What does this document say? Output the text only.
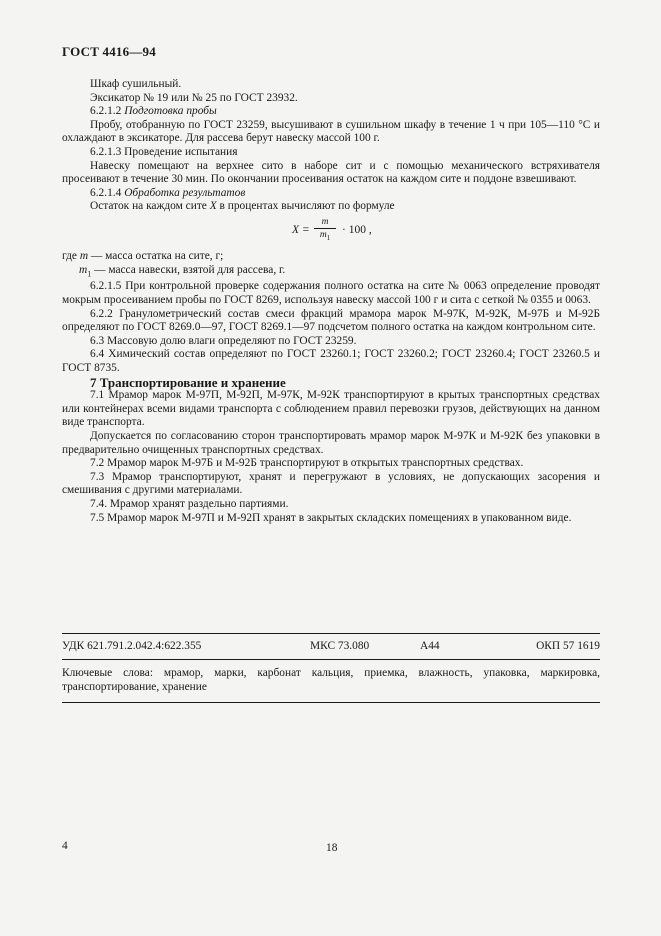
ГОСТ 4416—94

Шкаф сушильный.

Эксикатор № 19 или № 25 по ГОСТ 23932.

6.2.1.2 Подготовка пробы

Пробу, отобранную по ГОСТ 23259, высушивают в сушильном шкафу в течение 1 ч при 105—110 °С и охлаждают в эксикаторе. Для рассева берут навеску массой 100 г.

6.2.1.3 Проведение испытания

Навеску помещают на верхнее сито в наборе сит и с помощью механического встряхивателя просеивают в течение 30 мин. По окончании просеивания остаток на каждом сите и поддоне взвешивают.

6.2.1.4 Обработка результатов

Остаток на каждом сите X в процентах вычисляют по формуле

$X = \frac{m}{m_1} \cdot 100$ ,

где m — масса остатка на сите, г;

$m_1$ — масса навески, взятой для рассева, г.

6.2.1.5 При контрольной проверке содержания полного остатка на сите № 0063 определение проводят мокрым просеиванием пробы по ГОСТ 8269, используя навеску массой 100 г и сита с сеткой № 0355 и 0063.

6.2.2 Гранулометрический состав смеси фракций мрамора марок М-97К, М-92К, М-97Б и М-92Б определяют по ГОСТ 8269.0—97, ГОСТ 8269.1—97 подсчетом полного остатка на каждом контрольном сите.

6.3 Массовую долю влаги определяют по ГОСТ 23259.

6.4 Химический состав определяют по ГОСТ 23260.1; ГОСТ 23260.2; ГОСТ 23260.4; ГОСТ 23260.5 и ГОСТ 8735.

7 Транспортирование и хранение

7.1 Мрамор марок М-97П, М-92П, М-97К, М-92К транспортируют в крытых транспортных средствах или контейнерах всеми видами транспорта с соблюдением правил перевозки грузов, действующих на данном виде транспорта.

Допускается по согласованию сторон транспортировать мрамор марок М-97К и М-92К без упаковки в предварительно очищенных транспортных средствах.

7.2 Мрамор марок М-97Б и М-92Б транспортируют в открытых транспортных средствах.

7.3 Мрамор транспортируют, хранят и перегружают в условиях, не допускающих засорения и смешивания с другими материалами.

7.4. Мрамор хранят раздельно партиями.

7.5 Мрамор марок М-97П и М-92П хранят в закрытых складских помещениях в упакованном виде.

УДК 621.791.2.042.4:622.355	МКС 73.080	А44	ОКП 57 1619

Ключевые слова: мрамор, марки, карбонат кальция, приемка, влажность, упаковка, маркировка, транспортирование, хранение

4	18
